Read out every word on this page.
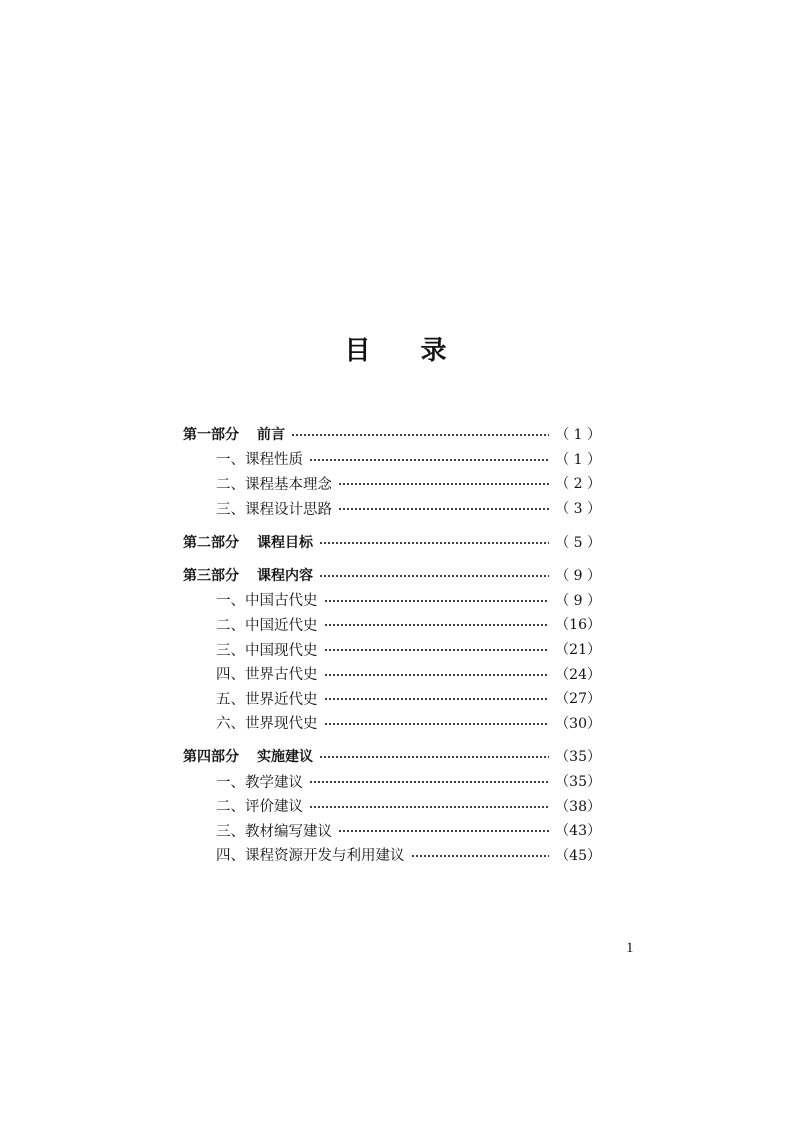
目 录
第一部分 前言	（ 1 ）
一、 课程性质	（ 1 ）
二、 课程基本理念	（ 2 ）
三、 课程设计思路	（ 3 ）
第二部分 课程目标	（ 5 ）
第三部分 课程内容	（ 9 ）
一、 中国古代史	（ 9 ）
二、 中国近代史	（16）
三、 中国现代史	（21）
四、 世界古代史	（24）
五、 世界近代史	（27）
六、 世界现代史	（30）
第四部分 实施建议	（35）
一、 教学建议	（35）
二、 评价建议	（38）
三、 教材编写建议	（43）
四、 课程资源开发与利用建议	（45）
1
